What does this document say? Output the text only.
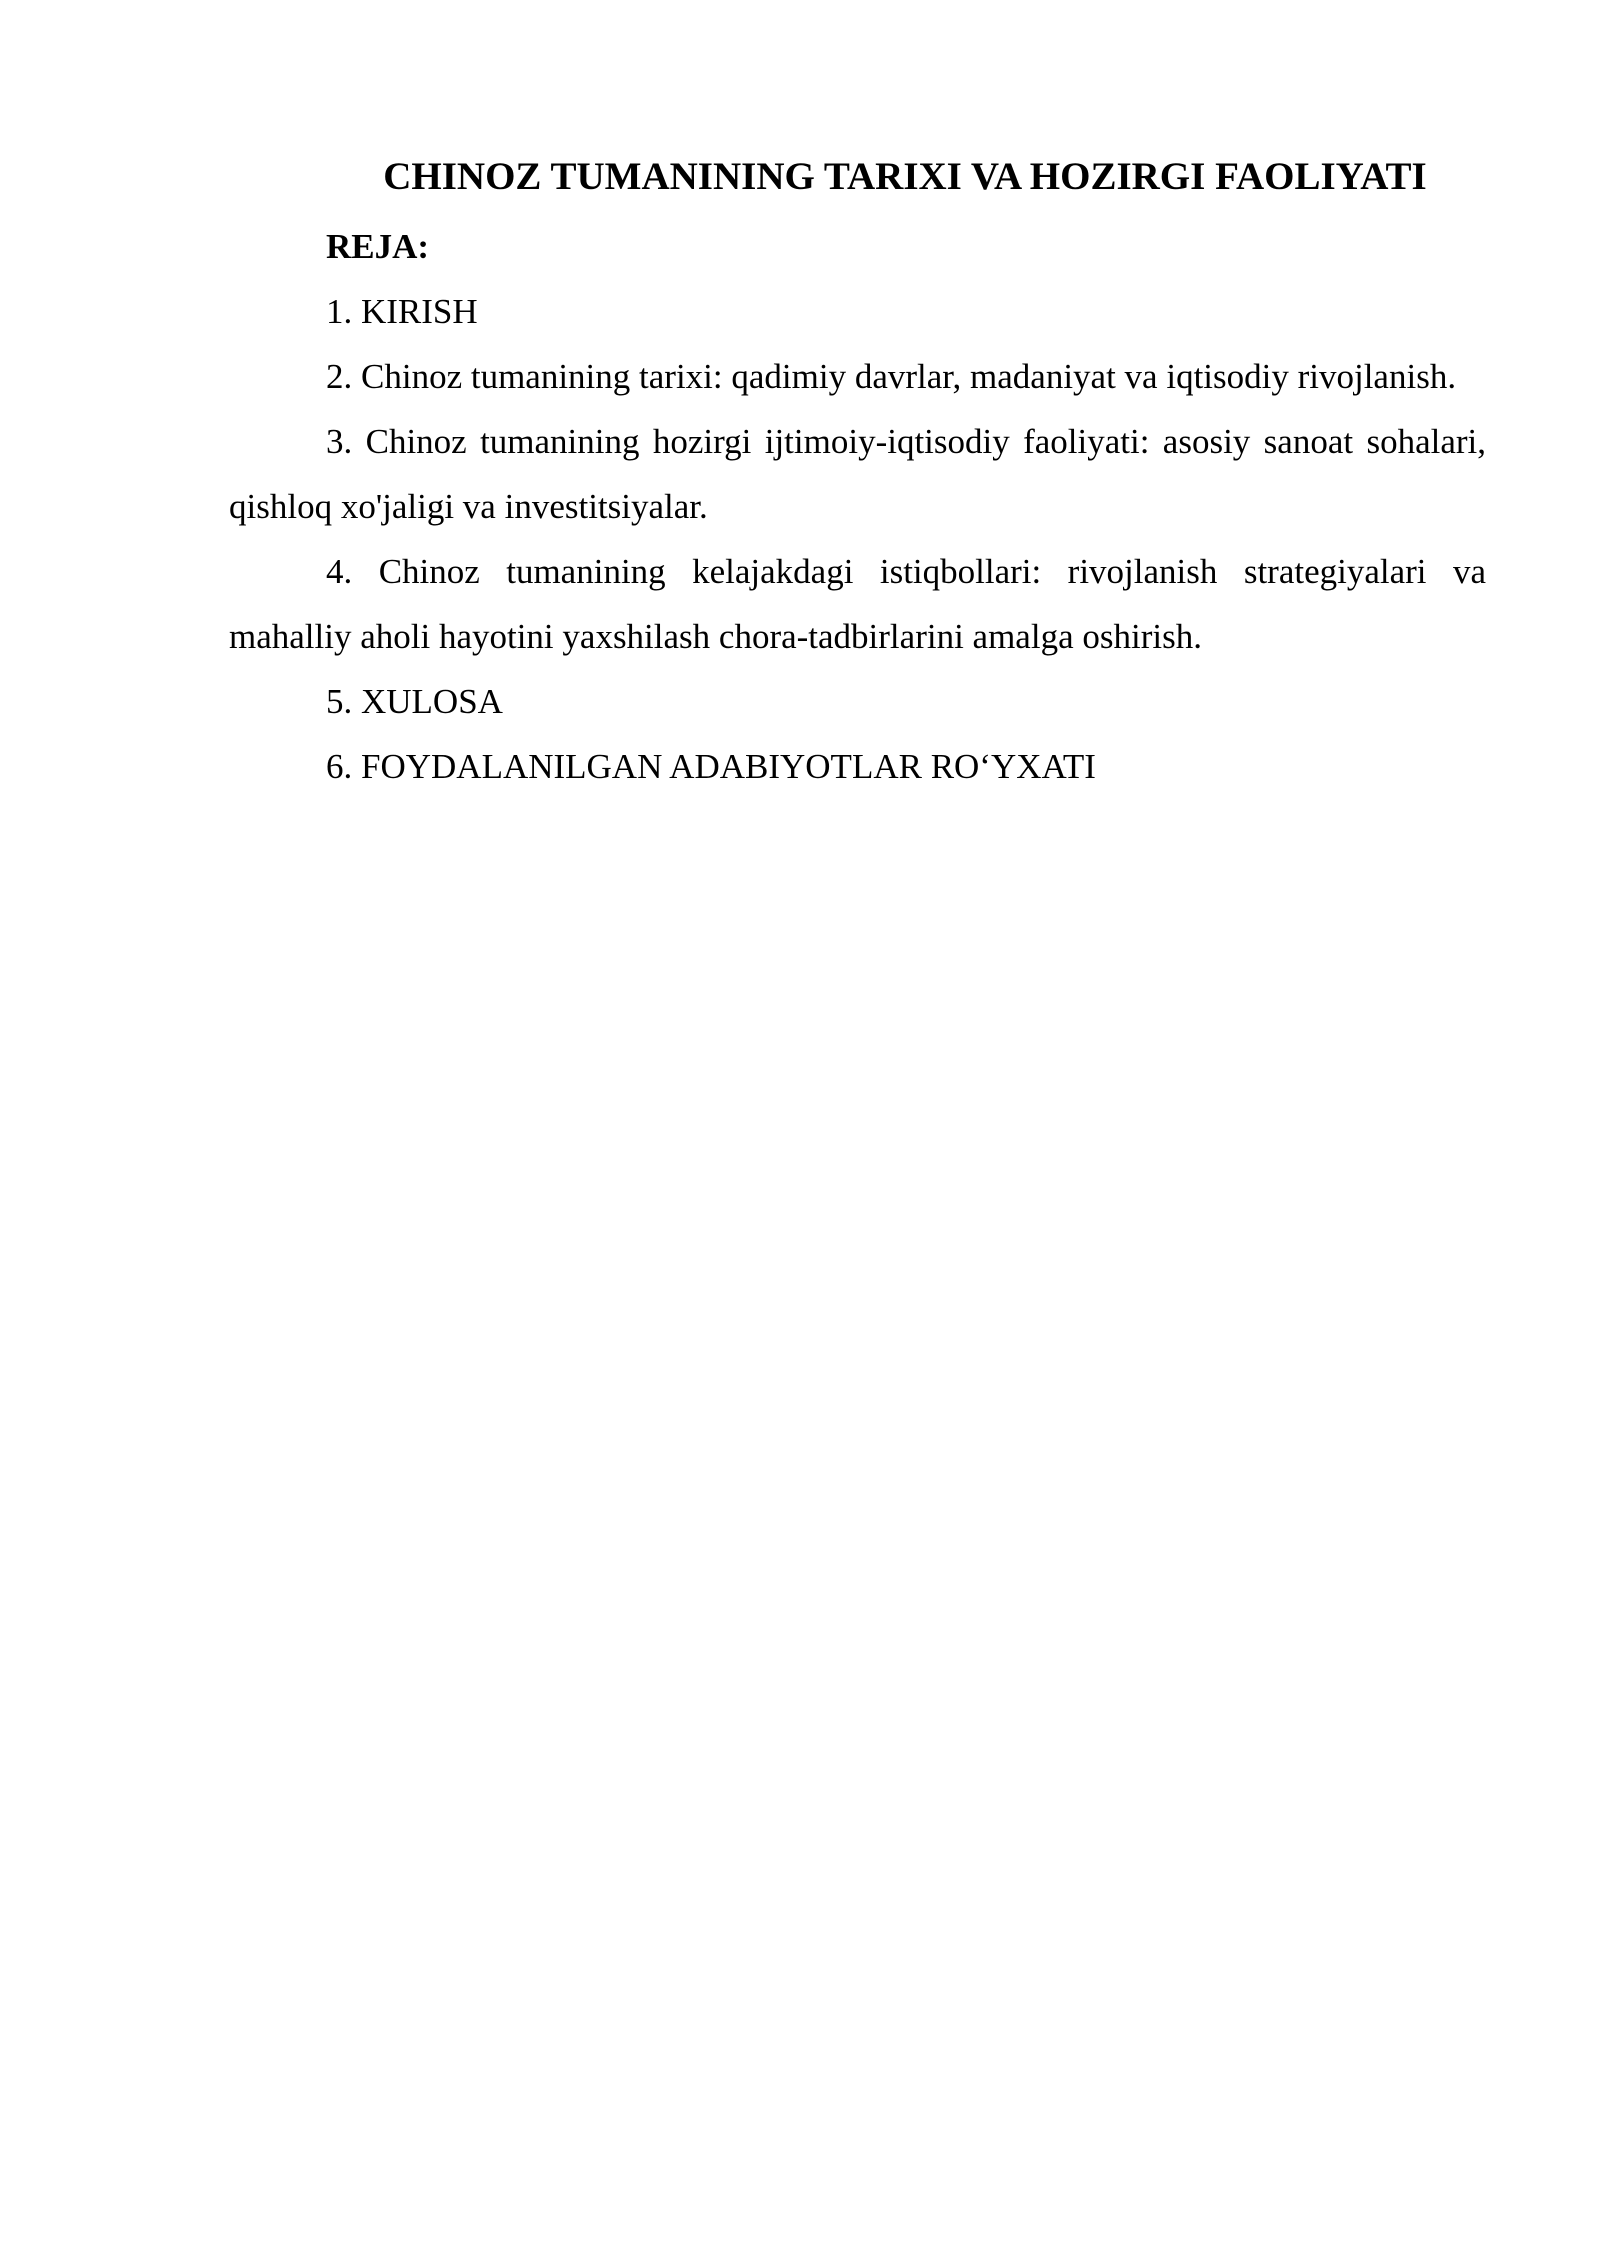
CHINOZ TUMANINING TARIXI VA HOZIRGI FAOLIYATI

REJA:

1. KIRISH

2. Chinoz tumanining tarixi: qadimiy davrlar, madaniyat va iqtisodiy rivojlanish.

3. Chinoz tumanining hozirgi ijtimoiy-iqtisodiy faoliyati: asosiy sanoat sohalari, qishloq xo'jaligi va investitsiyalar.

4. Chinoz tumanining kelajakdagi istiqbollari: rivojlanish strategiyalari va mahalliy aholi hayotini yaxshilash chora-tadbirlarini amalga oshirish.

5. XULOSA

6. FOYDALANILGAN ADABIYOTLAR RO‘YXATI
